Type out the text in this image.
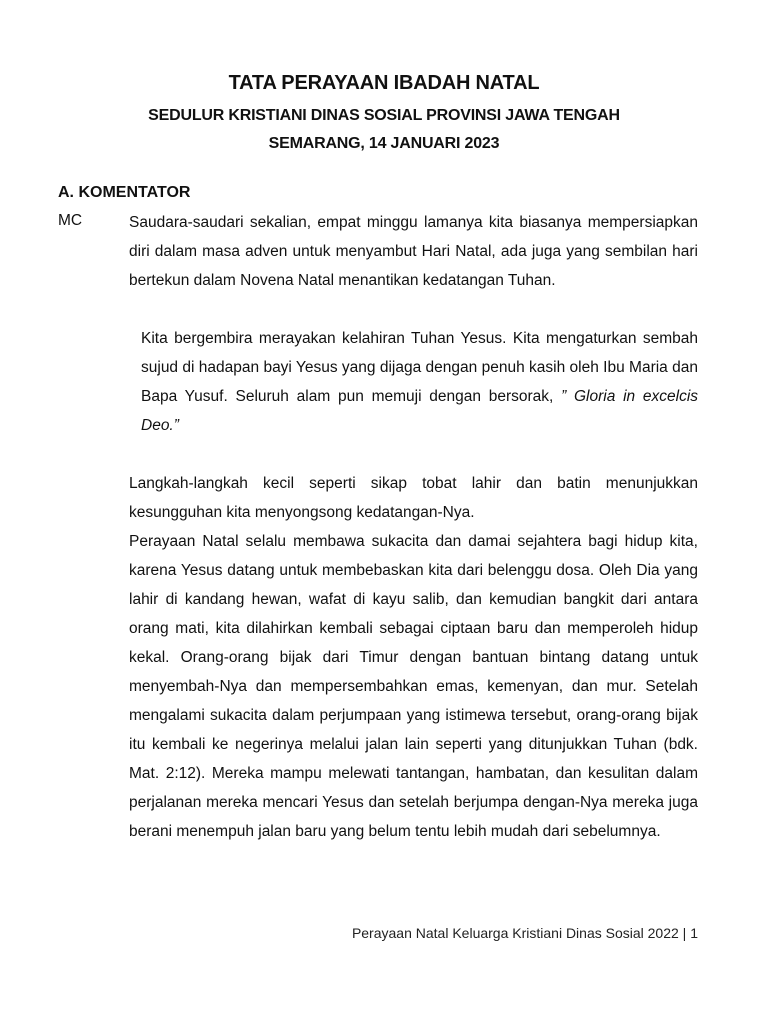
TATA PERAYAAN IBADAH NATAL
SEDULUR KRISTIANI DINAS SOSIAL PROVINSI JAWA TENGAH
SEMARANG, 14 JANUARI 2023
A. KOMENTATOR
MC	Saudara-saudari sekalian, empat minggu lamanya kita biasanya mempersiapkan diri dalam masa adven untuk menyambut Hari Natal, ada juga yang sembilan hari bertekun dalam Novena Natal menantikan kedatangan Tuhan.

Kita bergembira merayakan kelahiran Tuhan Yesus. Kita mengaturkan sembah sujud di hadapan bayi Yesus yang dijaga dengan penuh kasih oleh Ibu Maria dan Bapa Yusuf. Seluruh alam pun memuji dengan bersorak, ” Gloria in excelcis Deo.”

Langkah-langkah kecil seperti sikap tobat lahir dan batin menunjukkan kesungguhan kita menyongsong kedatangan-Nya.

Perayaan Natal selalu membawa sukacita dan damai sejahtera bagi hidup kita, karena Yesus datang untuk membebaskan kita dari belenggu dosa. Oleh Dia yang lahir di kandang hewan, wafat di kayu salib, dan kemudian bangkit dari antara orang mati, kita dilahirkan kembali sebagai ciptaan baru dan memperoleh hidup kekal. Orang-orang bijak dari Timur dengan bantuan bintang datang untuk menyembah-Nya dan mempersembahkan emas, kemenyan, dan mur. Setelah mengalami sukacita dalam perjumpaan yang istimewa tersebut, orang-orang bijak itu kembali ke negerinya melalui jalan lain seperti yang ditunjukkan Tuhan (bdk. Mat. 2:12). Mereka mampu melewati tantangan, hambatan, dan kesulitan dalam perjalanan mereka mencari Yesus dan setelah berjumpa dengan-Nya mereka juga berani menempuh jalan baru yang belum tentu lebih mudah dari sebelumnya.

Perayaan Natal Keluarga Kristiani Dinas Sosial 2022 | 1
